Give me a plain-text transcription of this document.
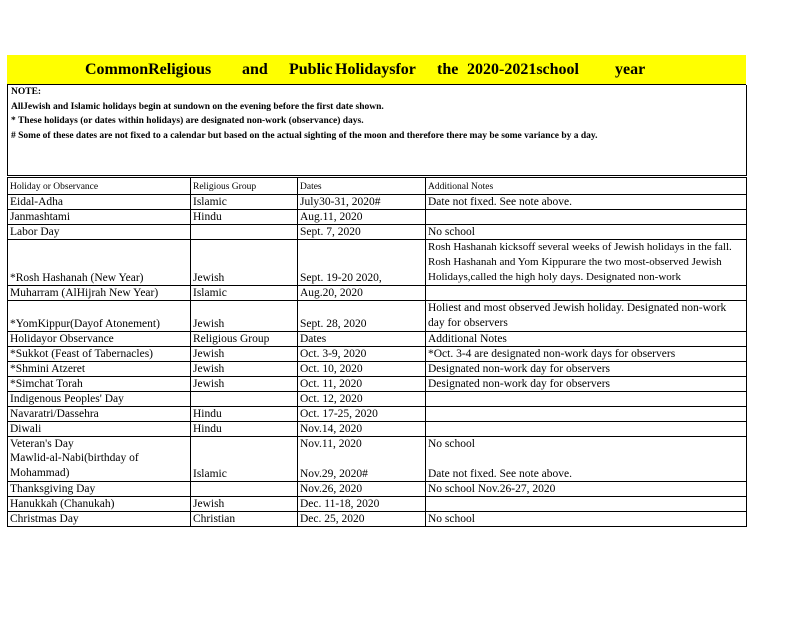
CommonReligious

and

Public

Holidaysfor

the

2020-2021school

year

NOTE:
AllJewish and Islamic holidays begin at sundown on the evening before the first date shown.
* These holidays (or dates within holidays) are designated non-work (observance) days.
# Some of these dates are not fixed to a calendar but based on the actual sighting of the moon and therefore there may be some variance by a day.
Holiday or Observance	Religious Group	Dates	Additional Notes
Eidal-Adha	Islamic	July30-31, 2020#	Date not fixed. See note above.
Janmashtami	Hindu	Aug.11, 2020	
Labor Day		Sept. 7, 2020	No school
*Rosh Hashanah (New Year)	Jewish	Sept. 19-20 2020,	Rosh Hashanah kicksoff several weeks of Jewish holidays in the fall. Rosh Hashanah and Yom Kippurare the two most-observed Jewish Holidays,called the high holy days. Designated non-work
Muharram (AlHijrah New Year)	Islamic	Aug.20, 2020	
*YomKippur(Dayof Atonement)	Jewish	Sept. 28, 2020	Holiest and most observed Jewish holiday. Designated non-work day for observers
Holidayor Observance	Religious Group	Dates	Additional Notes
*Sukkot (Feast of Tabernacles)	Jewish	Oct. 3-9, 2020	*Oct. 3-4 are designated non-work days for observers
*Shmini Atzeret	Jewish	Oct. 10, 2020	Designated non-work day for observers
*Simchat Torah	Jewish	Oct. 11, 2020	Designated non-work day for observers
Indigenous Peoples' Day		Oct. 12, 2020	
Navaratri/Dassehra	Hindu	Oct. 17-25, 2020	
Diwali	Hindu	Nov.14, 2020	
Veteran's Day		Nov.11, 2020	No school
Mawlid-al-Nabi(birthday of Mohammad)	Islamic	Nov.29, 2020#	Date not fixed. See note above.
Thanksgiving Day		Nov.26, 2020	No school Nov.26-27, 2020
Hanukkah (Chanukah)	Jewish	Dec. 11-18, 2020	
Christmas Day	Christian	Dec. 25, 2020	No school
